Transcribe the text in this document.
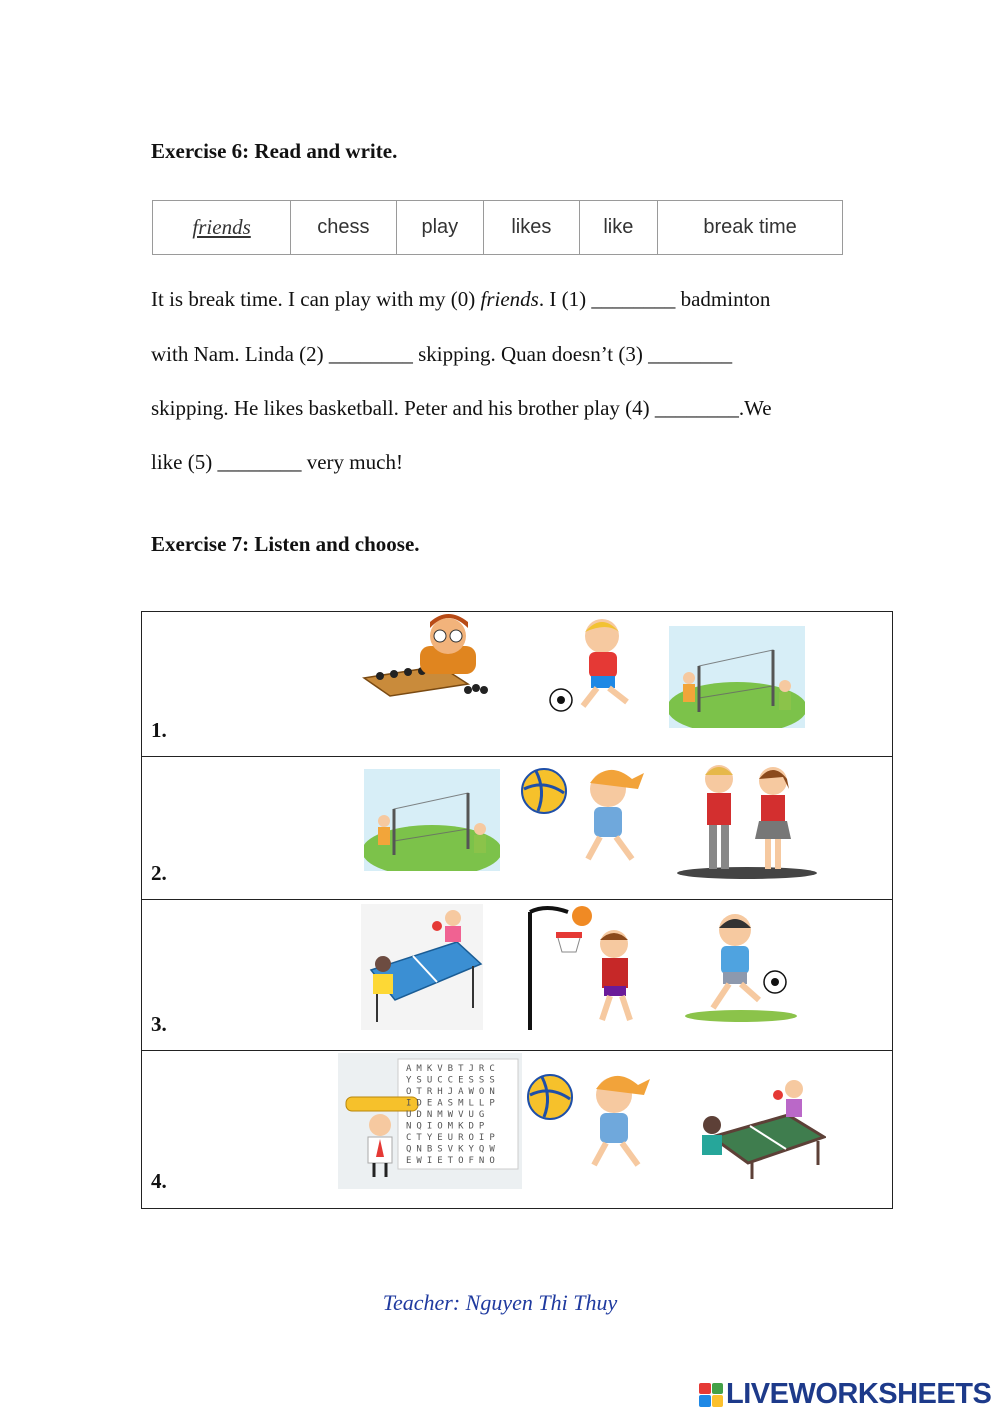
Exercise 6: Read and write.
friends	chess	play	likes	like	break time
It is break time. I can play with my (0) friends. I (1) ________ badminton
with Nam. Linda (2) ________ skipping. Quan doesn’t (3) ________
skipping. He likes basketball. Peter and his brother play (4) ________.We
like (5) ________ very much!
Exercise 7: Listen and choose.
1.
2.
3.
4.
AMKVBTJRC
YSUCCESSS
OTRHJAWON
IDEASMLLP
UDNMWVUG
NQIOMKDP
CTYEUROIP
QNBSVKYQW
EWIETOFNO
Teacher: Nguyen Thi Thuy
LIVEWORKSHEETS
